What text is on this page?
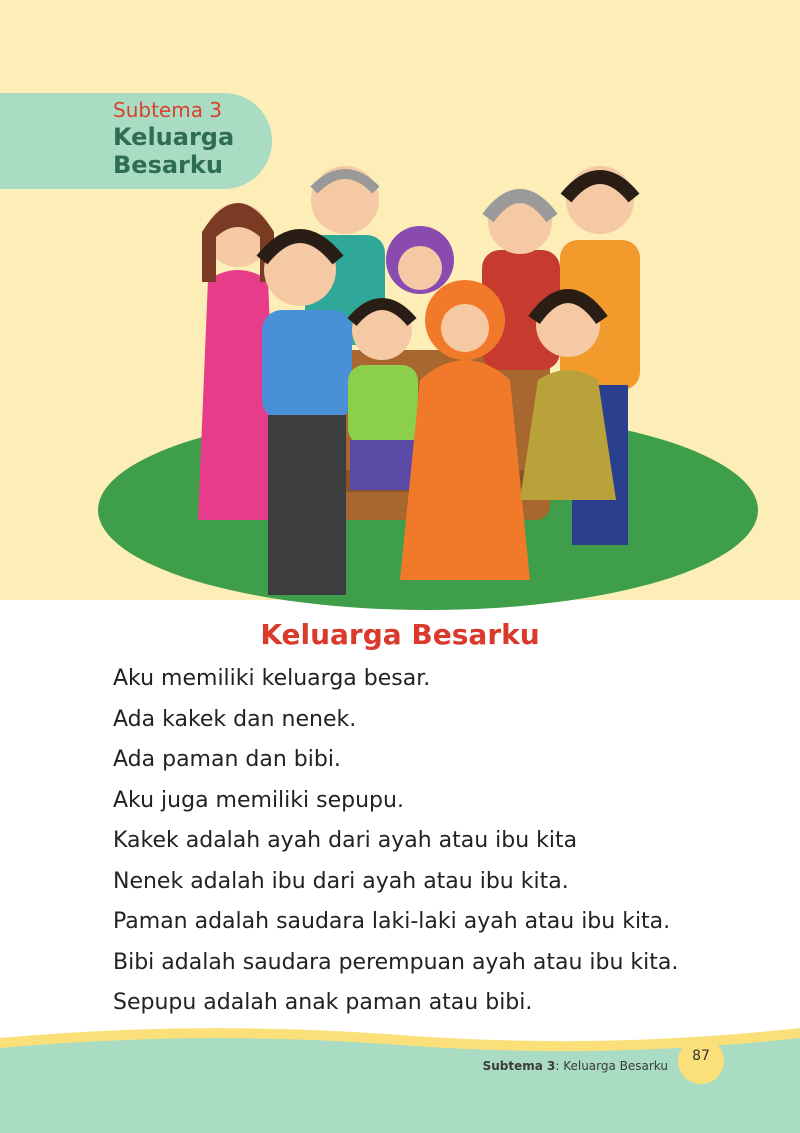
Subtema 3
Keluarga
Besarku
Keluarga Besarku
Aku memiliki keluarga besar.
Ada kakek dan nenek.
Ada paman dan bibi.
Aku juga memiliki sepupu.
Kakek adalah ayah dari ayah atau ibu kita
Nenek adalah ibu dari ayah atau ibu kita.
Paman adalah saudara laki-laki ayah atau ibu kita.
Bibi adalah saudara perempuan ayah atau ibu kita.
Sepupu adalah anak paman atau bibi.
Subtema 3: Keluarga Besarku
87
